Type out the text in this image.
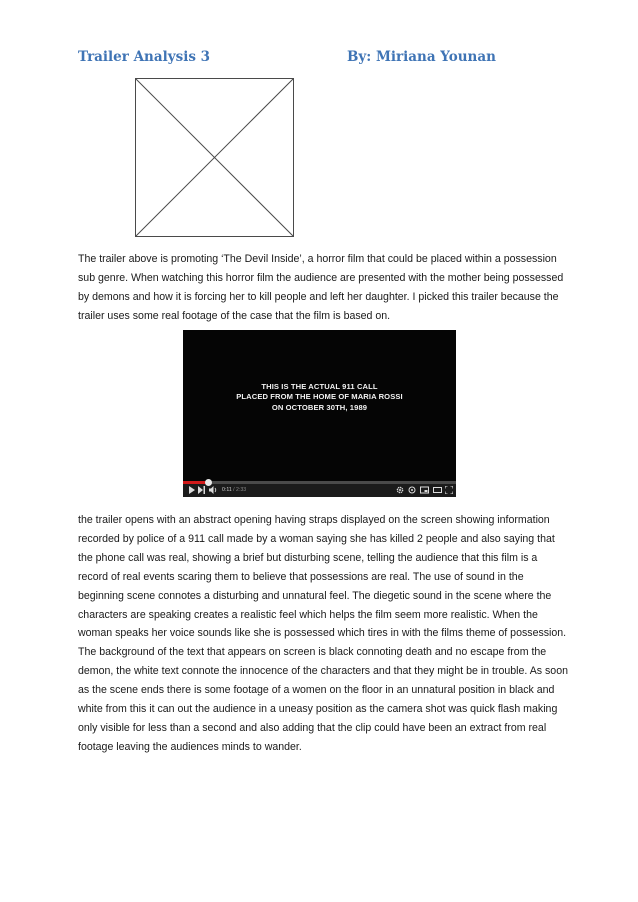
Trailer Analysis 3	By: Miriana Younan

The trailer above is promoting ‘The Devil Inside’, a horror film that could be placed within a possession sub genre. When watching this horror film the audience are presented with the mother being possessed by demons and how it is forcing her to kill people and left her daughter. I picked this trailer because the trailer uses some real footage of the case that the film is based on.

THIS IS THE ACTUAL 911 CALL
PLACED FROM THE HOME OF MARIA ROSSI
ON OCTOBER 30TH, 1989
0:11 / 2:33

the trailer opens with an abstract opening having straps displayed on the screen showing information recorded by police of a 911 call made by a woman saying she has killed 2 people and also saying that the phone call was real, showing a brief but disturbing scene, telling the audience that this film is a record of real events scaring them to believe that possessions are real. The use of sound in the beginning scene connotes a disturbing and unnatural feel. The diegetic sound in the scene where the characters are speaking creates a realistic feel which helps the film seem more realistic. When the woman speaks her voice sounds like she is possessed which tires in with the films theme of possession. The background of the text that appears on screen is black connoting death and no escape from the demon, the white text connote the innocence of the characters and that they might be in trouble. As soon as the scene ends there is some footage of a women on the floor in an unnatural position in black and white from this it can out the audience in a uneasy position as the camera shot was quick flash making only visible for less than a second and also adding that the clip could have been an extract from real footage leaving the audiences minds to wander.
